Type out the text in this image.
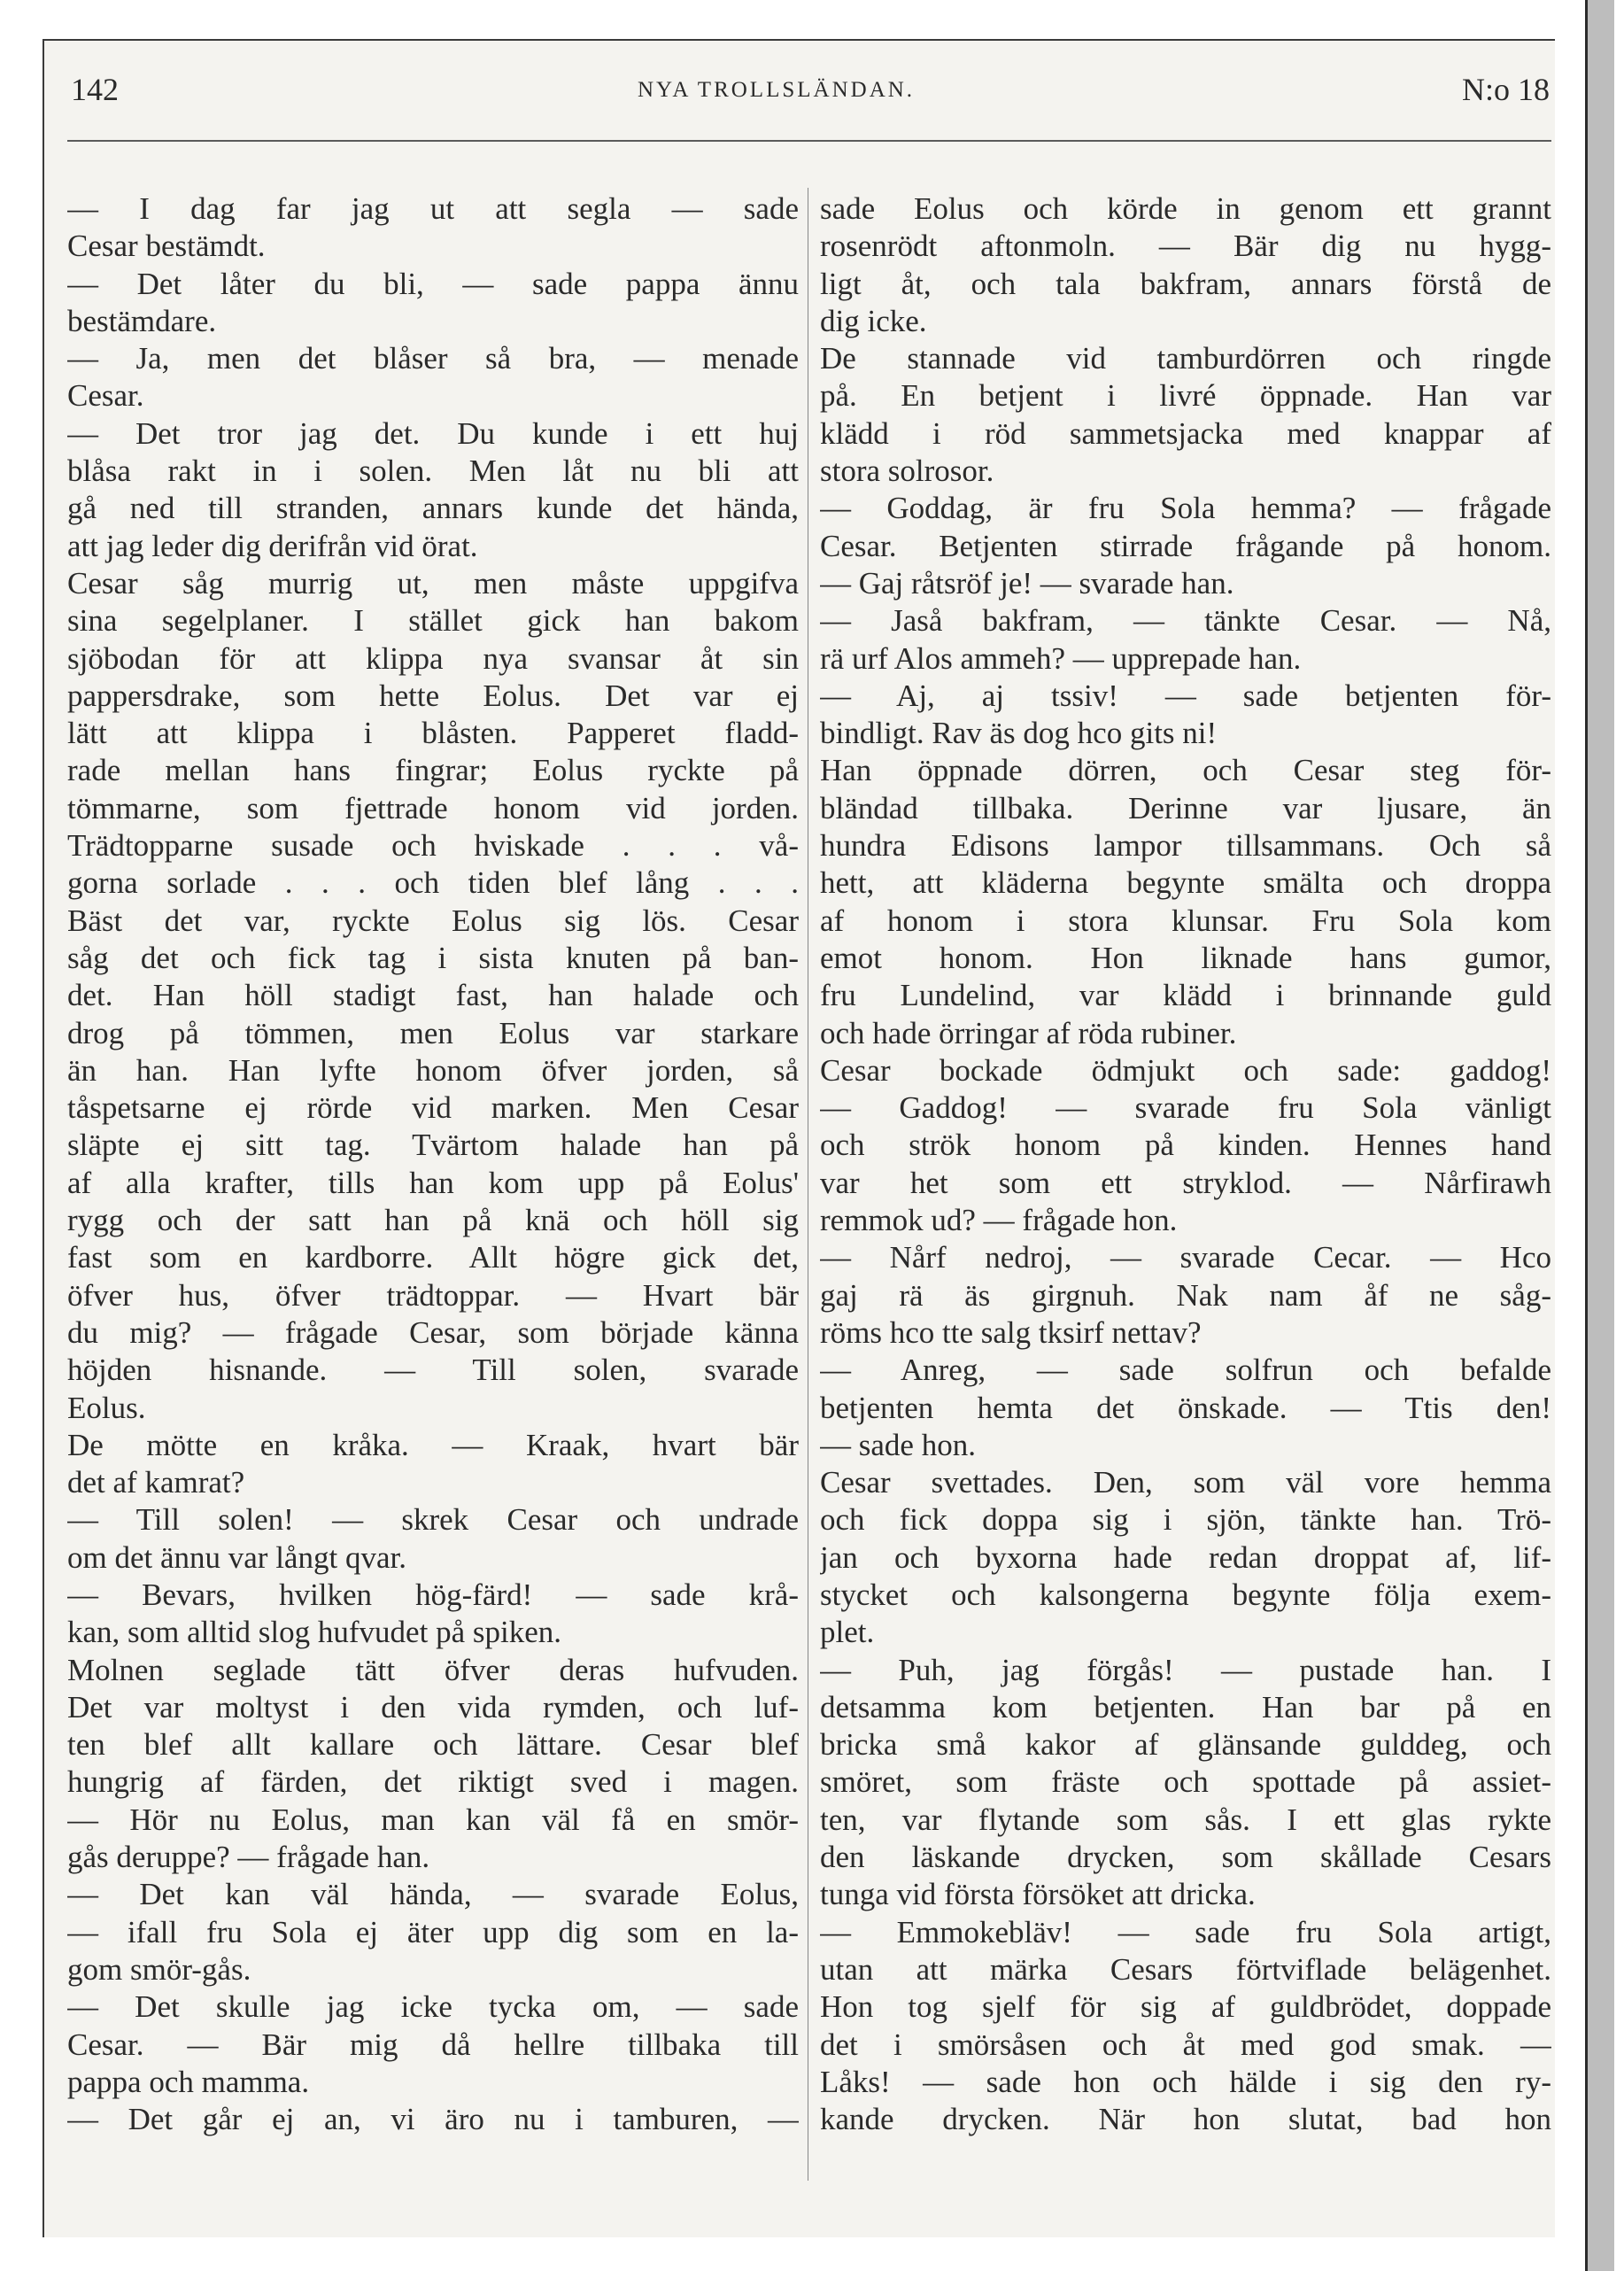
142	NYA TROLLSLÄNDAN.	N:o 18
— I dag far jag ut att segla — sade
Cesar bestämdt.
— Det låter du bli, — sade pappa ännu
bestämdare.
— Ja, men det blåser så bra, — menade
Cesar.
— Det tror jag det. Du kunde i ett huj
blåsa rakt in i solen. Men låt nu bli att
gå ned till stranden, annars kunde det hända,
att jag leder dig derifrån vid örat.
Cesar såg murrig ut, men måste uppgifva
sina segelplaner. I stället gick han bakom
sjöbodan för att klippa nya svansar åt sin
pappersdrake, som hette Eolus. Det var ej
lätt att klippa i blåsten. Papperet fladd-
rade mellan hans fingrar; Eolus ryckte på
tömmarne, som fjettrade honom vid jorden.
Trädtopparne susade och hviskade . . . vå-
gorna sorlade . . . och tiden blef lång . . .
Bäst det var, ryckte Eolus sig lös. Cesar
såg det och fick tag i sista knuten på ban-
det. Han höll stadigt fast, han halade och
drog på tömmen, men Eolus var starkare
än han. Han lyfte honom öfver jorden, så
tåspetsarne ej rörde vid marken. Men Cesar
släpte ej sitt tag. Tvärtom halade han på
af alla krafter, tills han kom upp på Eolus'
rygg och der satt han på knä och höll sig
fast som en kardborre. Allt högre gick det,
öfver hus, öfver trädtoppar. — Hvart bär
du mig? — frågade Cesar, som började känna
höjden hisnande. — Till solen, svarade
Eolus.
De mötte en kråka. — Kraak, hvart bär
det af kamrat?
— Till solen! — skrek Cesar och undrade
om det ännu var långt qvar.
— Bevars, hvilken hög-färd! — sade krå-
kan, som alltid slog hufvudet på spiken.
Molnen seglade tätt öfver deras hufvuden.
Det var moltyst i den vida rymden, och luf-
ten blef allt kallare och lättare. Cesar blef
hungrig af färden, det riktigt sved i magen.
— Hör nu Eolus, man kan väl få en smör-
gås deruppe? — frågade han.
— Det kan väl hända, — svarade Eolus,
— ifall fru Sola ej äter upp dig som en la-
gom smör-gås.
— Det skulle jag icke tycka om, — sade
Cesar. — Bär mig då hellre tillbaka till
pappa och mamma.
— Det går ej an, vi äro nu i tamburen, —
sade Eolus och körde in genom ett grannt
rosenrödt aftonmoln. — Bär dig nu hygg-
ligt åt, och tala bakfram, annars förstå de
dig icke.
De stannade vid tamburdörren och ringde
på. En betjent i livré öppnade. Han var
klädd i röd sammetsjacka med knappar af
stora solrosor.
— Goddag, är fru Sola hemma? — frågade
Cesar. Betjenten stirrade frågande på honom.
— Gaj råtsröf je! — svarade han.
— Jaså bakfram, — tänkte Cesar. — Nå,
rä urf Alos ammeh? — upprepade han.
— Aj, aj tssiv! — sade betjenten för-
bindligt. Rav äs dog hco gits ni!
Han öppnade dörren, och Cesar steg för-
bländad tillbaka. Derinne var ljusare, än
hundra Edisons lampor tillsammans. Och så
hett, att kläderna begynte smälta och droppa
af honom i stora klunsar. Fru Sola kom
emot honom. Hon liknade hans gumor,
fru Lundelind, var klädd i brinnande guld
och hade örringar af röda rubiner.
Cesar bockade ödmjukt och sade: gaddog!
— Gaddog! — svarade fru Sola vänligt
och strök honom på kinden. Hennes hand
var het som ett stryklod. — Nårfirawh
remmok ud? — frågade hon.
— Nårf nedroj, — svarade Cecar. — Hco
gaj rä äs girgnuh. Nak nam åf ne såg-
röms hco tte salg tksirf nettav?
— Anreg, — sade solfrun och befalde
betjenten hemta det önskade. — Ttis den!
— sade hon.
Cesar svettades. Den, som väl vore hemma
och fick doppa sig i sjön, tänkte han. Trö-
jan och byxorna hade redan droppat af, lif-
stycket och kalsongerna begynte följa exem-
plet.
— Puh, jag förgås! — pustade han. I
detsamma kom betjenten. Han bar på en
bricka små kakor af glänsande gulddeg, och
smöret, som fräste och spottade på assiet-
ten, var flytande som sås. I ett glas rykte
den läskande drycken, som skållade Cesars
tunga vid första försöket att dricka.
— Emmokebläv! — sade fru Sola artigt,
utan att märka Cesars förtviflade belägenhet.
Hon tog sjelf för sig af guldbrödet, doppade
det i smörsåsen och åt med god smak. —
Låks! — sade hon och hälde i sig den ry-
kande drycken. När hon slutat, bad hon
